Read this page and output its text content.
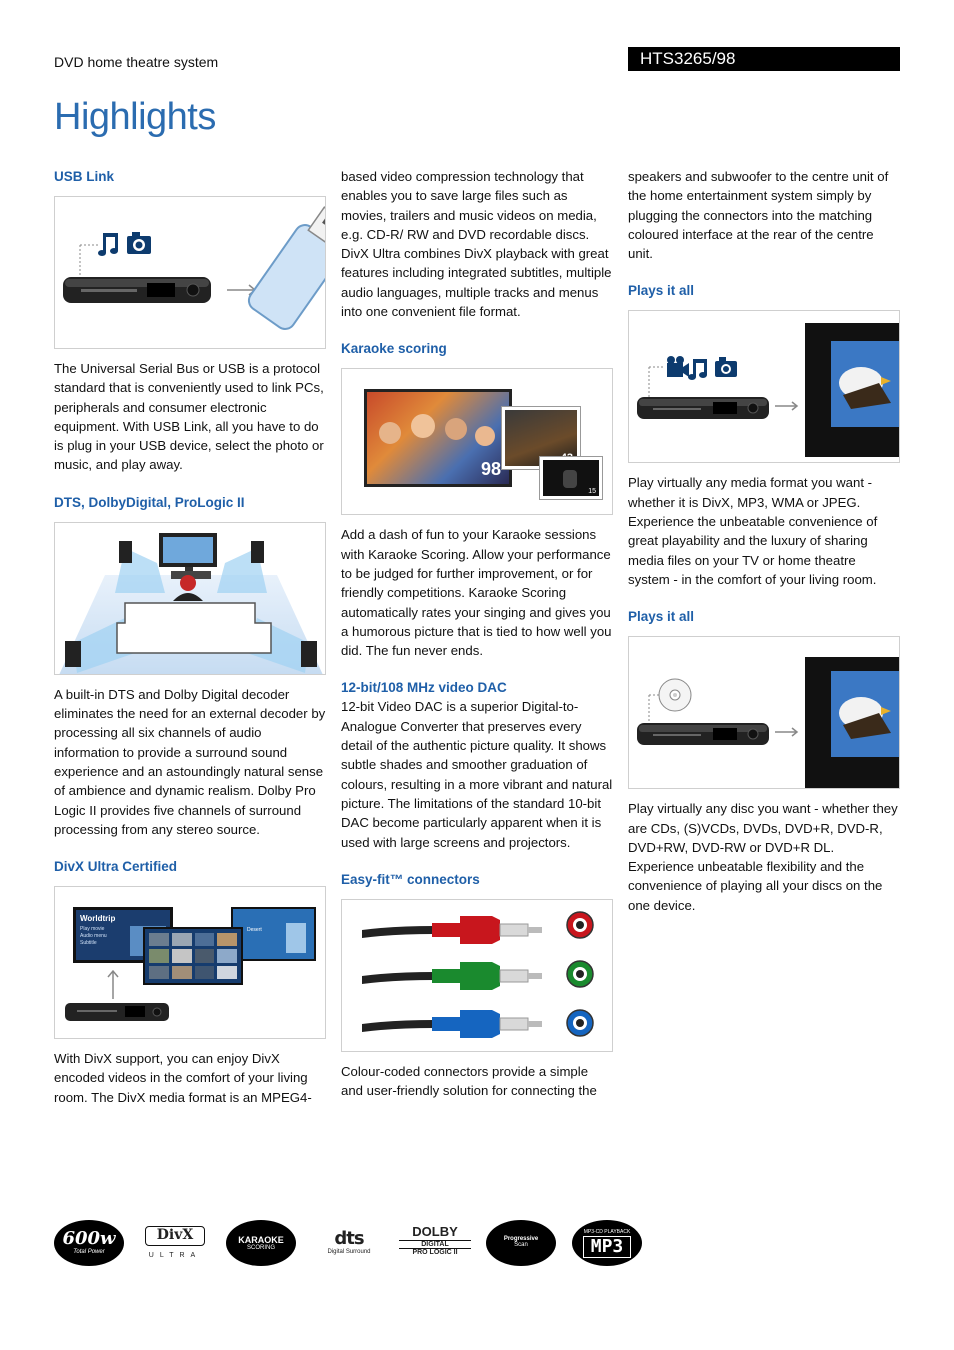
DVD home theatre system	HTS3265/98
Highlights
USB Link

The Universal Serial Bus or USB is a protocol standard that is conveniently used to link PCs, peripherals and consumer electronic equipment. With USB Link, all you have to do is plug in your USB device, select the photo or music, and play away.

DTS, DolbyDigital, ProLogic II

A built-in DTS and Dolby Digital decoder eliminates the need for an external decoder by processing all six channels of audio information to provide a surround sound experience and an astoundingly natural sense of ambience and dynamic realism. Dolby Pro Logic II provides five channels of surround processing from any stereo source.

DivX Ultra Certified
Worldtrip
Play movie
Audio menu
Subtitle
Desert

With DivX support, you can enjoy DivX encoded videos in the comfort of your living room. The DivX media format is an MPEG4-

based video compression technology that enables you to save large files such as movies, trailers and music videos on media, e.g. CD-R/ RW and DVD recordable discs. DivX Ultra combines DivX playback with great features including integrated subtitles, multiple audio languages, multiple tracks and menus into one convenient file format.

Karaoke scoring
98
15

Add a dash of fun to your Karaoke sessions with Karaoke Scoring. Allow your performance to be judged for further improvement, or for friendly competitions. Karaoke Scoring automatically rates your singing and gives you a humorous picture that is tied to how well you did. The fun never ends.

12-bit/108 MHz video DAC

12-bit Video DAC is a superior Digital-to-Analogue Converter that preserves every detail of the authentic picture quality. It shows subtle shades and smoother graduation of colours, resulting in a more vibrant and natural picture. The limitations of the standard 10-bit DAC become particularly apparent when it is used with large screens and projectors.

Easy-fit™ connectors

Colour-coded connectors provide a simple and user-friendly solution for connecting the

speakers and subwoofer to the centre unit of the home entertainment system simply by plugging the connectors into the matching coloured interface at the rear of the centre unit.

Plays it all

Play virtually any media format you want - whether it is DivX, MP3, WMA or JPEG. Experience the unbeatable convenience of great playability and the luxury of sharing media files on your TV or home theatre system - in the comfort of your living room.

Plays it all

Play virtually any disc you want - whether they are CDs, (S)VCDs, DVDs, DVD+R, DVD-R, DVD+RW, DVD-RW or DVD+R DL. Experience unbeatable flexibility and the convenience of playing all your discs on the one device.

600w
Total Power
DivX
ULTRA
KARAOKE
SCORING	dts
Digital Surround
DOLBY
DIGITAL
PRO LOGIC II
Progressive
Scan
MP3-CD PLAYBACK
MP3
